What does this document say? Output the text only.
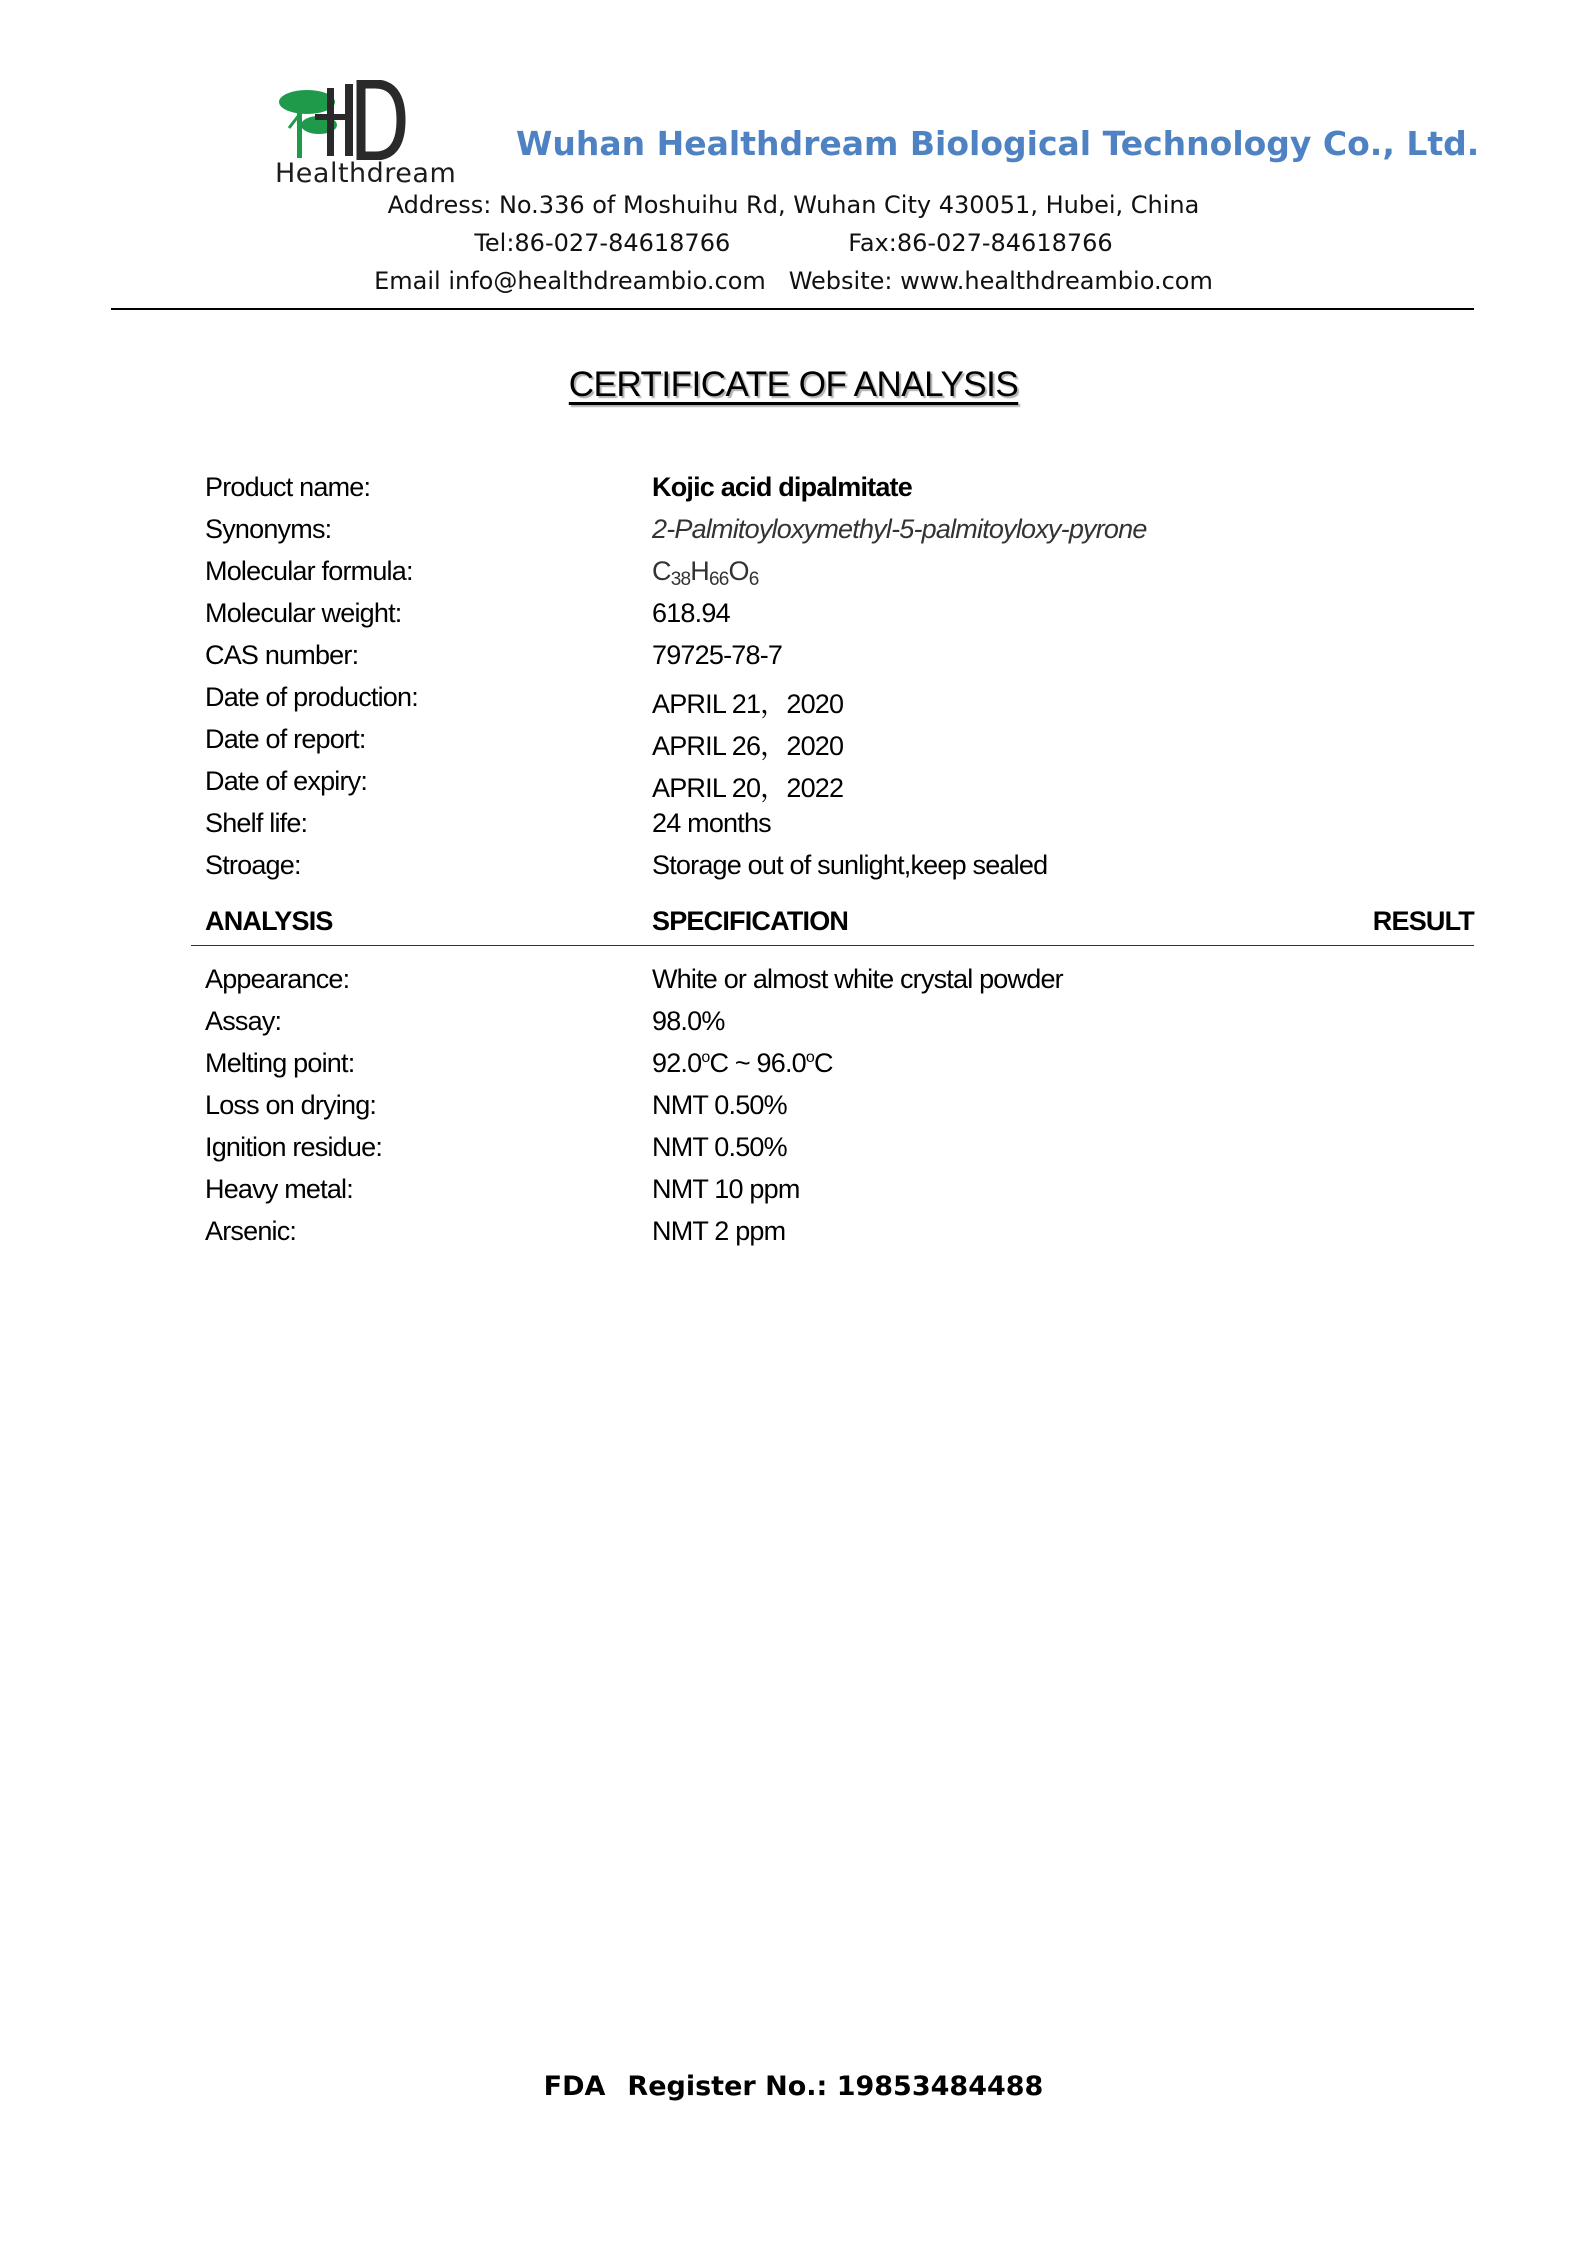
Healthdream
Wuhan Healthdream Biological Technology Co., Ltd.
Address: No.336 of Moshuihu Rd, Wuhan City 430051, Hubei, China
Tel:86-027-84618766	Fax:86-027-84618766
Email info@healthdreambio.com Website: www.healthdreambio.com
CERTIFICATE OF ANALYSIS
Product name:	Kojic acid dipalmitate
Synonyms:	2-Palmitoyloxymethyl-5-palmitoyloxy-pyrone
Molecular formula:	$C_{38}H_{66}O_6$
Molecular weight:	618.94
CAS number:	79725-78-7
Date of production:	APRIL 21，2020
Date of report:	APRIL 26，2020
Date of expiry:	APRIL 20，2022
Shelf life:	24 months
Stroage:	Storage out of sunlight,keep sealed
ANALYSIS	SPECIFICATION	RESULT
Appearance:	White or almost white crystal powder
Assay:	98.0%
Melting point:	92.0$^o$C ~ 96.0$^o$C
Loss on drying:	NMT 0.50%
Ignition residue:	NMT 0.50%
Heavy metal:	NMT 10 ppm
Arsenic:	NMT 2 ppm
FDA Register No.: 19853484488
